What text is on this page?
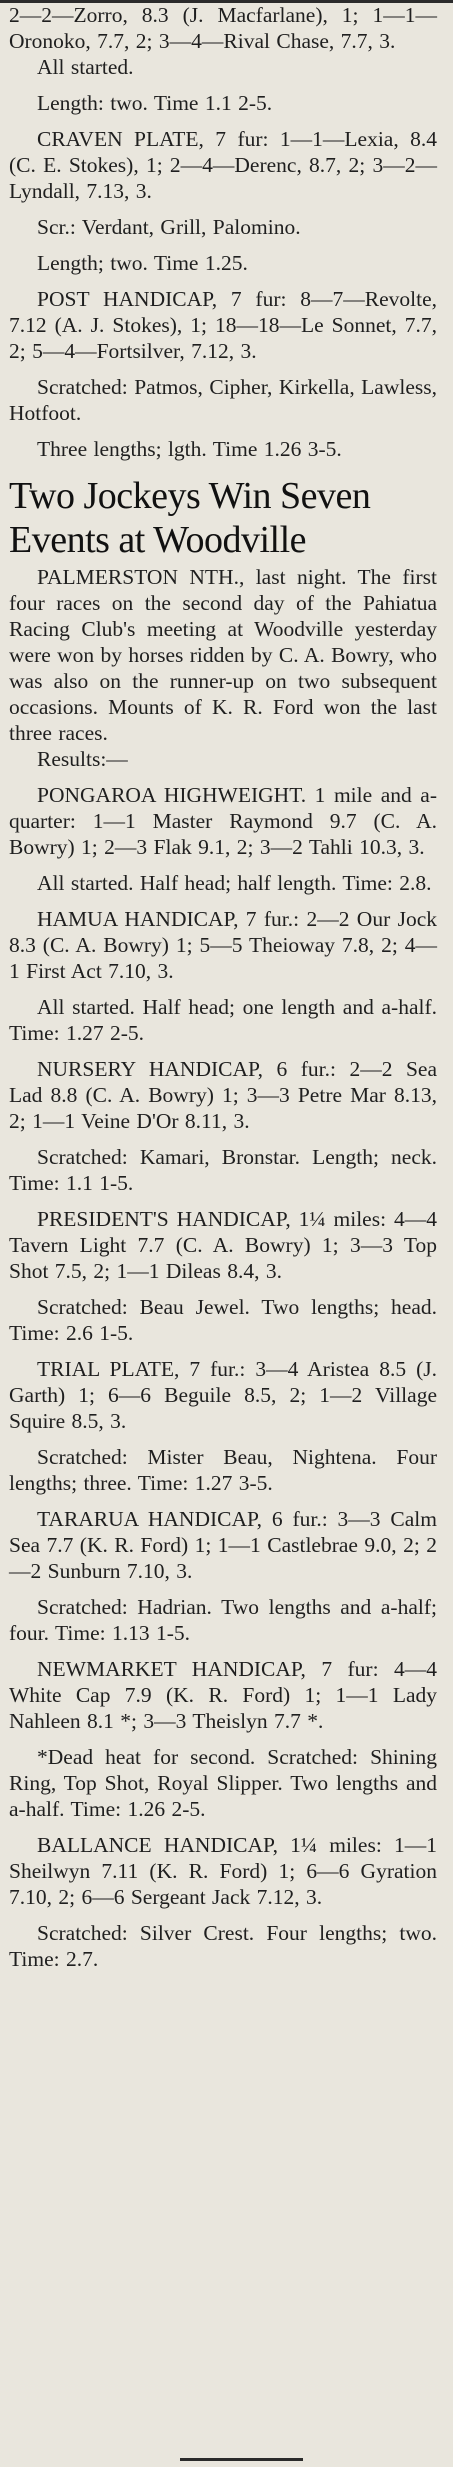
2—2—Zorro, 8.3 (J. Macfarlane), 1; 1—1—Oronoko, 7.7, 2; 3—4—Rival Chase, 7.7, 3.

All started.

Length: two. Time 1.1 2-5.

CRAVEN PLATE, 7 fur: 1—1—Lexia, 8.4 (C. E. Stokes), 1; 2—4—Derenc, 8.7, 2; 3—2—Lyndall, 7.13, 3.

Scr.: Verdant, Grill, Palomino.

Length; two. Time 1.25.

POST HANDICAP, 7 fur: 8—7—Revolte, 7.12 (A. J. Stokes), 1; 18—18—Le Sonnet, 7.7, 2; 5—4—Fortsilver, 7.12, 3.

Scratched: Patmos, Cipher, Kirkella, Lawless, Hotfoot.

Three lengths; lgth. Time 1.26 3-5.

Two Jockeys Win Seven Events at Woodville

PALMERSTON NTH., last night. The first four races on the second day of the Pahiatua Racing Club's meeting at Woodville yesterday were won by horses ridden by C. A. Bowry, who was also on the runner-up on two subsequent occasions. Mounts of K. R. Ford won the last three races.

Results:—

PONGAROA HIGHWEIGHT. 1 mile and a-quarter: 1—1 Master Raymond 9.7 (C. A. Bowry) 1; 2—3 Flak 9.1, 2; 3—2 Tahli 10.3, 3.

All started. Half head; half length. Time: 2.8.

HAMUA HANDICAP, 7 fur.: 2—2 Our Jock 8.3 (C. A. Bowry) 1; 5—5 Theioway 7.8, 2; 4—1 First Act 7.10, 3.

All started. Half head; one length and a-half. Time: 1.27 2-5.

NURSERY HANDICAP, 6 fur.: 2—2 Sea Lad 8.8 (C. A. Bowry) 1; 3—3 Petre Mar 8.13, 2; 1—1 Veine D'Or 8.11, 3.

Scratched: Kamari, Bronstar. Length; neck. Time: 1.1 1-5.

PRESIDENT'S HANDICAP, 1¼ miles: 4—4 Tavern Light 7.7 (C. A. Bowry) 1; 3—3 Top Shot 7.5, 2; 1—1 Dileas 8.4, 3.

Scratched: Beau Jewel. Two lengths; head. Time: 2.6 1-5.

TRIAL PLATE, 7 fur.: 3—4 Aristea 8.5 (J. Garth) 1; 6—6 Beguile 8.5, 2; 1—2 Village Squire 8.5, 3.

Scratched: Mister Beau, Nightena. Four lengths; three. Time: 1.27 3-5.

TARARUA HANDICAP, 6 fur.: 3—3 Calm Sea 7.7 (K. R. Ford) 1; 1—1 Castlebrae 9.0, 2; 2—2 Sunburn 7.10, 3.

Scratched: Hadrian. Two lengths and a-half; four. Time: 1.13 1-5.

NEWMARKET HANDICAP, 7 fur: 4—4 White Cap 7.9 (K. R. Ford) 1; 1—1 Lady Nahleen 8.1 *; 3—3 Theislyn 7.7 *.

*Dead heat for second. Scratched: Shining Ring, Top Shot, Royal Slipper. Two lengths and a-half. Time: 1.26 2-5.

BALLANCE HANDICAP, 1¼ miles: 1—1 Sheilwyn 7.11 (K. R. Ford) 1; 6—6 Gyration 7.10, 2; 6—6 Sergeant Jack 7.12, 3.

Scratched: Silver Crest. Four lengths; two. Time: 2.7.
